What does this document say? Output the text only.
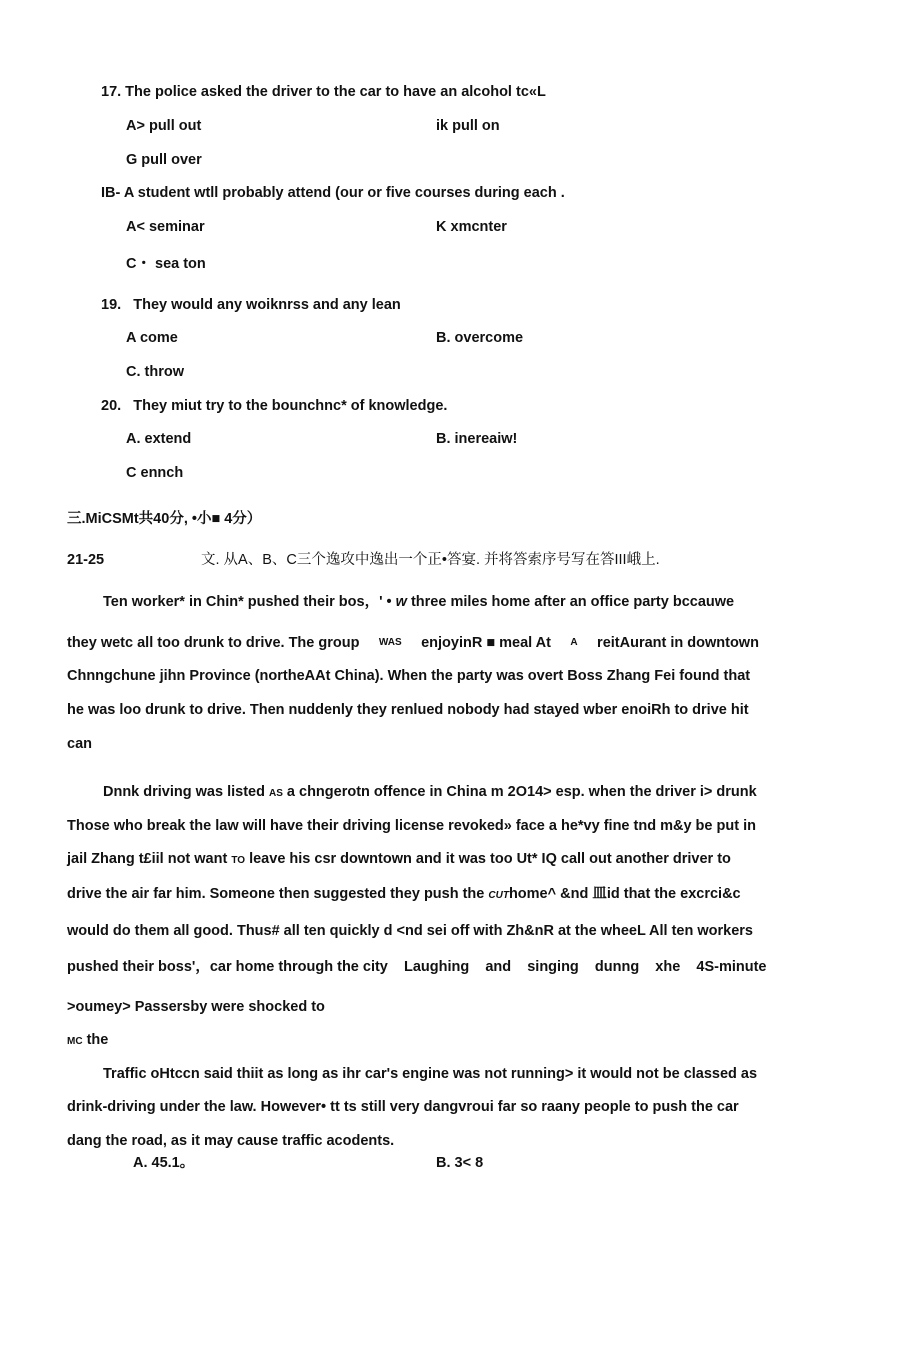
17. The police asked the driver to the car to have an alcohol tc«L
A> pull out	ik pull on
G pull over
IB- A student wtll probably attend (our or five courses during each .
A< seminar	K xmcnter
C・ sea ton
19.   They would any woiknrss and any lean
A come	B. overcome
C. throw
20.   They miut try to the bounchnc* of knowledge.
A. extend	B. inereaiw!
C ennch
三.MiCSMt共40分, •小■ 4分）
21-25	文. 从A、B、C三个逸攻中逸出一个正•答宴. 并将答索序号写在答III峨上.
Ten worker* in Chin* pushed their bos，' • w three miles home after an office party bccauwe
they wetc all too drunk to drive. The group WAS enjoyinR ■ meal At A reitAurant in downtown
Chnngchune jihn Province (northeAAt China). When the party was overt Boss Zhang Fei found that
he was loo drunk to drive. Then nuddenly they renlued nobody had stayed wber enoiRh to drive hit
can
Dnnk driving was listed AS a chngerotn offence in China m 2O14> esp. when the driver i> drunk
Those who break the law will have their driving license revoked» face a he*vy fine tnd m&y be put in
jail Zhang t£iil not want TO leave his csr downtown and it was too Ut* IQ call out another driver to
drive the air far him. Someone then suggested they push the CUThome^ &nd 皿id that the excrci&c
would do them all good. Thus# all ten quickly d <nd sei off with Zh&nR at the wheeL All ten workers
pushed their boss'，car home through the city    Laughing    and    singing    dunng    xhe    4S-minute
>oumey> Passersby were shocked to
MC the
Traffic oHtccn said thiit as long as ihr car's engine was not running> it would not be classed as
drink-driving under the law. However• tt ts still very dangvroui far so raany people to push the car
dang the road, as it may cause traffic acodents.
A. 45.1。	B. 3< 8
